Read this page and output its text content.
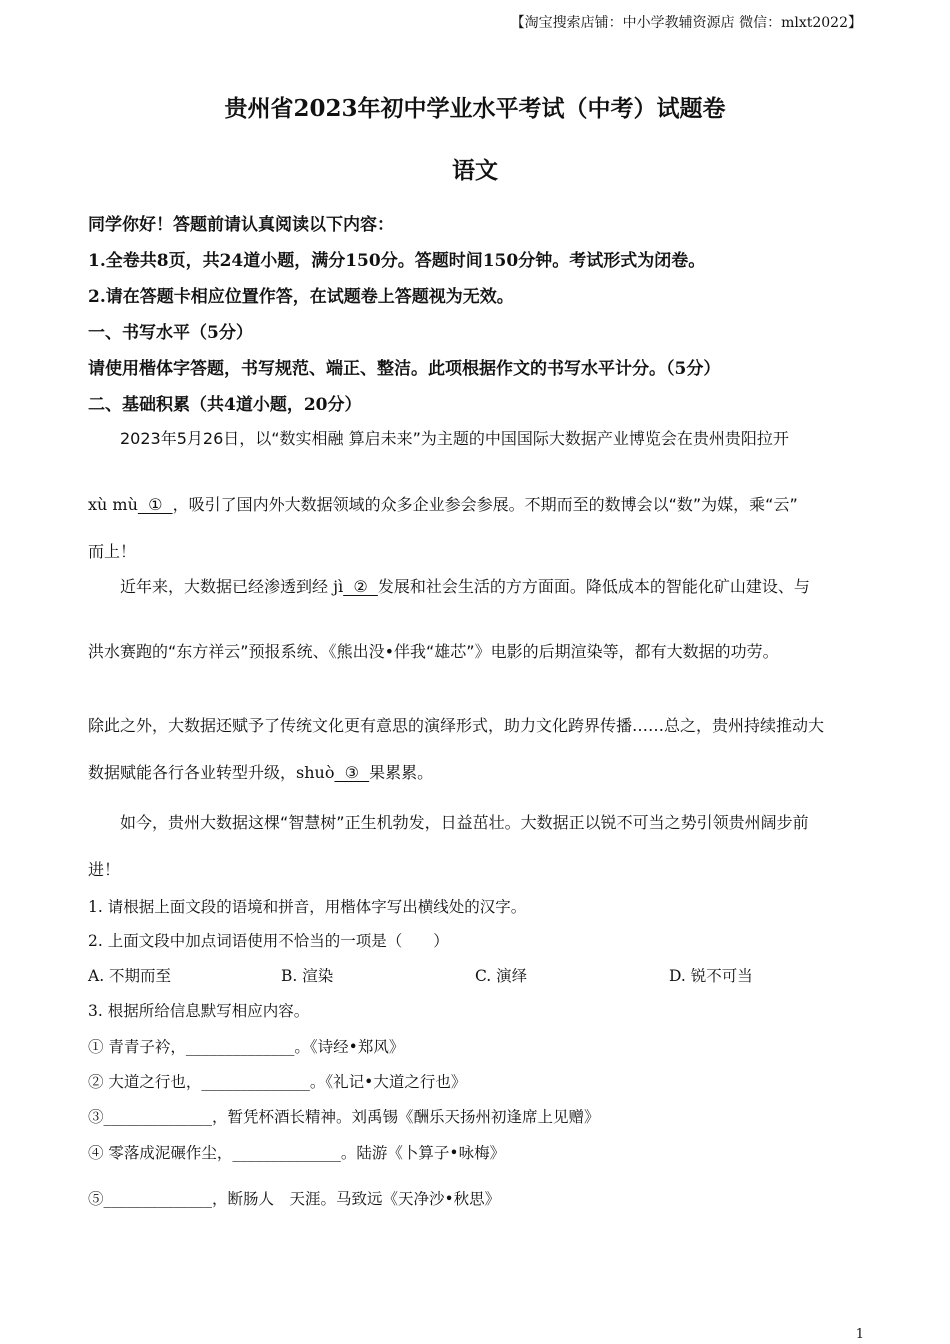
【淘宝搜索店铺：中小学教辅资源店 微信：mlxt2022】
贵州省2023年初中学业水平考试（中考）试题卷
语文
同学你好！答题前请认真阅读以下内容：
1.全卷共8页，共24道小题，满分150分。答题时间150分钟。考试形式为闭卷。
2.请在答题卡相应位置作答，在试题卷上答题视为无效。
一、书写水平（5分）
请使用楷体字答题，书写规范、端正、整洁。此项根据作文的书写水平计分。（5分）
二、基础积累（共4道小题，20分）
2023年5月26日，以“数实相融 算启未来”为主题的中国国际大数据产业博览会在贵州贵阳拉开
xù mù  ①  ，吸引了国内外大数据领域的众多企业参会参展。不期而至的数博会以“数”为媒，乘“云”
而上！
近年来，大数据已经渗透到经 jì  ②  发展和社会生活的方方面面。降低成本的智能化矿山建设、与
洪水赛跑的“东方祥云”预报系统、《熊出没•伴我“雄芯”》电影的后期渲染等，都有大数据的功劳。
除此之外，大数据还赋予了传统文化更有意思的演绎形式，助力文化跨界传播……总之，贵州持续推动大
数据赋能各行各业转型升级，shuò  ③  果累累。
如今，贵州大数据这棵“智慧树”正生机勃发，日益茁壮。大数据正以锐不可当之势引领贵州阔步前
进！
1. 请根据上面文段的语境和拼音，用楷体字写出横线处的汉字。
2. 上面文段中加点词语使用不恰当的一项是（　　）
A. 不期而至	B. 渲染	C. 演绎	D. 锐不可当
3. 根据所给信息默写相应内容。
① 青青子衿，______________。《诗经•郑风》
② 大道之行也，______________。《礼记•大道之行也》
③______________，暂凭杯酒长精神。刘禹锡《酬乐天扬州初逢席上见赠》
④ 零落成泥碾作尘，______________。陆游《卜算子•咏梅》
⑤______________，断肠人　天涯。马致远《天净沙•秋思》
1
